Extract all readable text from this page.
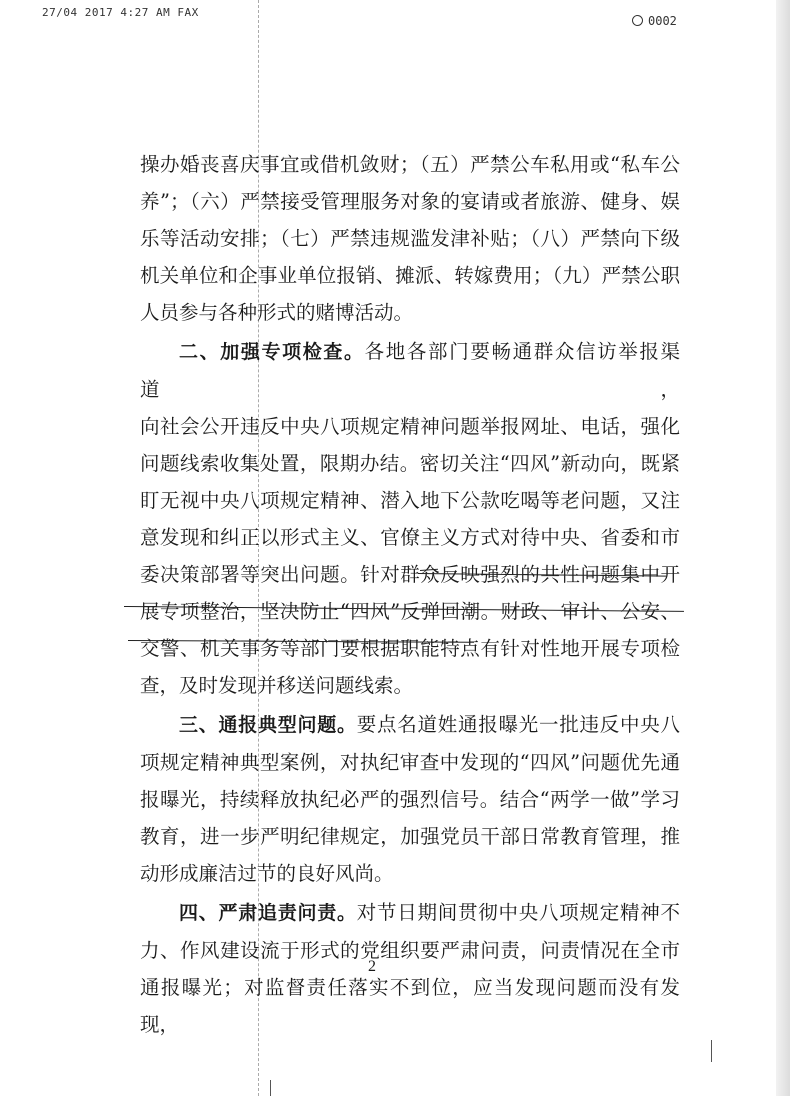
27/04 2017 4:27 AM FAX
0002

操办婚丧喜庆事宜或借机敛财；（五）严禁公车私用或“私车公

养”；（六）严禁接受管理服务对象的宴请或者旅游、健身、娱

乐等活动安排；（七）严禁违规滥发津补贴；（八）严禁向下级

机关单位和企事业单位报销、摊派、转嫁费用；（九）严禁公职

人员参与各种形式的赌博活动。

二、加强专项检查。各地各部门要畅通群众信访举报渠道，

向社会公开违反中央八项规定精神问题举报网址、电话，强化

问题线索收集处置，限期办结。密切关注“四风”新动向，既紧

盯无视中央八项规定精神、潜入地下公款吃喝等老问题，又注

意发现和纠正以形式主义、官僚主义方式对待中央、省委和市

委决策部署等突出问题。针对群众反映强烈的共性问题集中开

展专项整治，坚决防止“四风”反弹回潮。财政、审计、公安、

交警、机关事务等部门要根据职能特点有针对性地开展专项检

查，及时发现并移送问题线索。

三、通报典型问题。要点名道姓通报曝光一批违反中央八

项规定精神典型案例，对执纪审查中发现的“四风”问题优先通

报曝光，持续释放执纪必严的强烈信号。结合“两学一做”学习

教育，进一步严明纪律规定，加强党员干部日常教育管理，推

动形成廉洁过节的良好风尚。

四、严肃追责问责。对节日期间贯彻中央八项规定精神不

力、作风建设流于形式的党组织要严肃问责，问责情况在全市

通报曝光；对监督责任落实不到位，应当发现问题而没有发现，

2
